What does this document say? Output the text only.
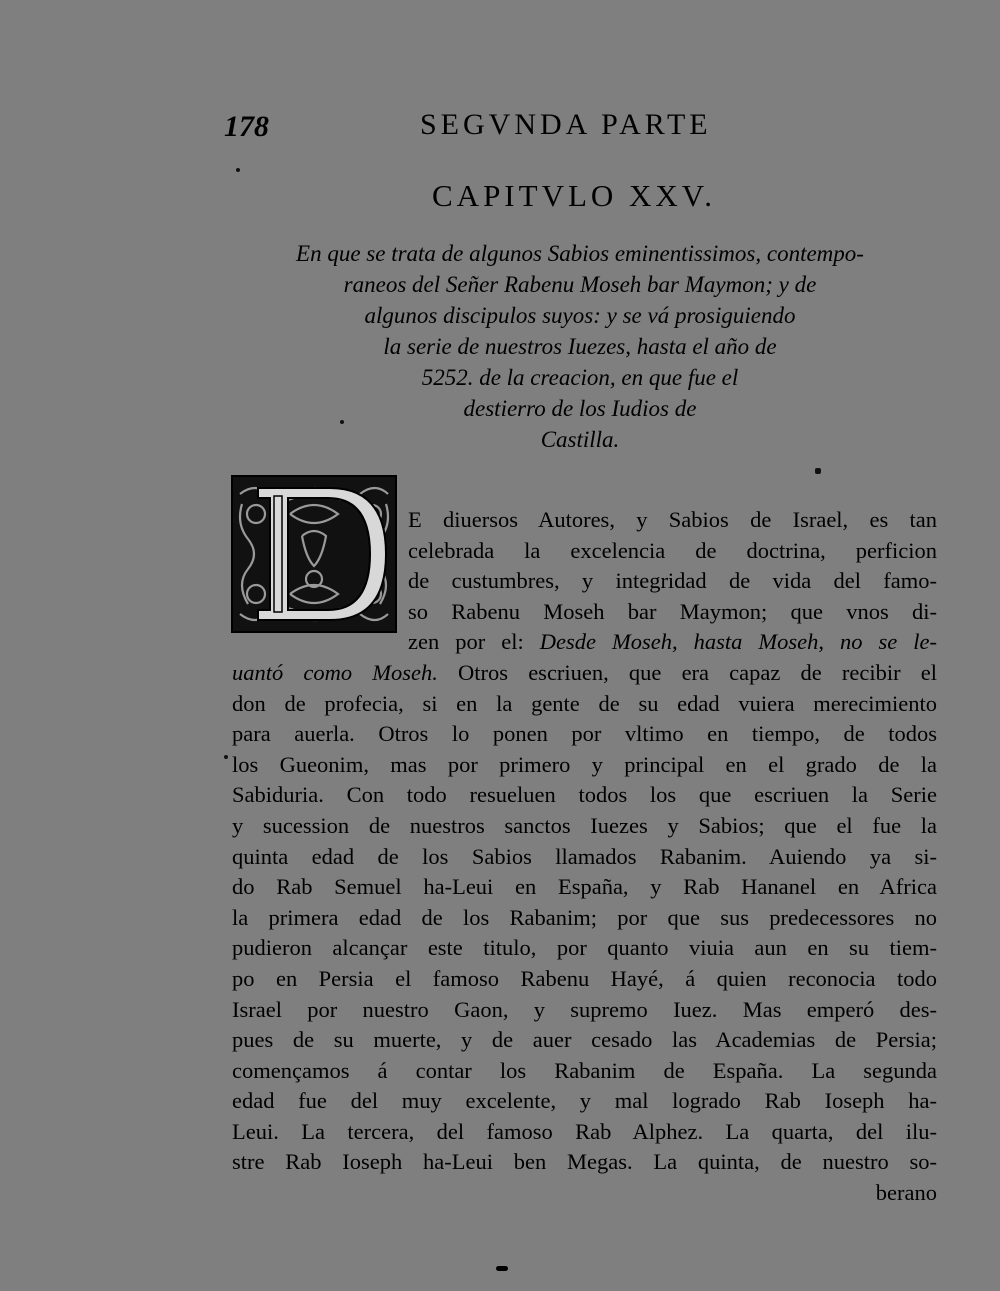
178	SEGVNDA PARTE
CAPITVLO XXV.
En que se trata de algunos Sabios eminentissimos, contempo-
raneos del Señer Rabenu Moseh bar Maymon; y de
algunos discipulos suyos: y se vá prosiguiendo
la serie de nuestros Iuezes, hasta el año de
5252. de la creacion, en que fue el
destierro de los Iudios de
Castilla.
E diuersos Autores, y Sabios de Israel, es tan
celebrada la excelencia de doctrina, perficion
de custumbres, y integridad de vida del famo-
so Rabenu Moseh bar Maymon; que vnos di-
zen por el: Desde Moseh, hasta Moseh, no se le-
uantó como Moseh. Otros escriuen, que era capaz de recibir el
don de profecia, si en la gente de su edad vuiera merecimiento
para auerla. Otros lo ponen por vltimo en tiempo, de todos
los Gueonim, mas por primero y principal en el grado de la
Sabiduria. Con todo resueluen todos los que escriuen la Serie
y sucession de nuestros sanctos Iuezes y Sabios; que el fue la
quinta edad de los Sabios llamados Rabanim. Auiendo ya si-
do Rab Semuel ha-Leui en España, y Rab Hananel en Africa
la primera edad de los Rabanim; por que sus predecessores no
pudieron alcançar este titulo, por quanto viuia aun en su tiem-
po en Persia el famoso Rabenu Hayé, á quien reconocia todo
Israel por nuestro Gaon, y supremo Iuez. Mas emperó des-
pues de su muerte, y de auer cesado las Academias de Persia;
començamos á contar los Rabanim de España. La segunda
edad fue del muy excelente, y mal logrado Rab Ioseph ha-
Leui. La tercera, del famoso Rab Alphez. La quarta, del ilu-
stre Rab Ioseph ha-Leui ben Megas. La quinta, de nuestro so-
berano
